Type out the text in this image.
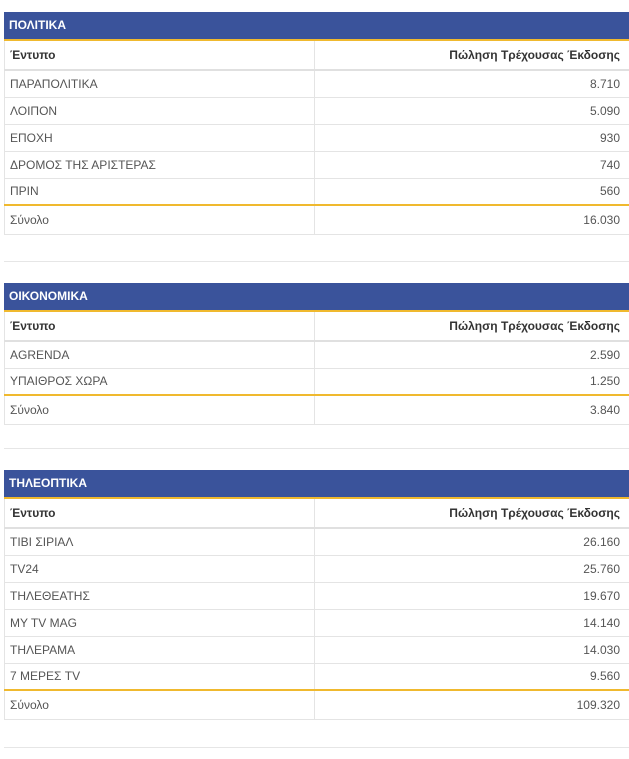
ΠΟΛΙΤΙΚΑ
Έντυπο	Πώληση Τρέχουσας Έκδοσης
ΠΑΡΑΠΟΛΙΤΙΚΑ	8.710
ΛΟΙΠΟΝ	5.090
ΕΠΟΧΗ	930
ΔΡΟΜΟΣ ΤΗΣ ΑΡΙΣΤΕΡΑΣ	740
ΠΡΙΝ	560
Σύνολο	16.030
ΟΙΚΟΝΟΜΙΚΑ
Έντυπο	Πώληση Τρέχουσας Έκδοσης
AGRENDA	2.590
ΥΠΑΙΘΡΟΣ ΧΩΡΑ	1.250
Σύνολο	3.840
ΤΗΛΕΟΠΤΙΚΑ
Έντυπο	Πώληση Τρέχουσας Έκδοσης
ΤΙΒΙ ΣΙΡΙΑΛ	26.160
TV24	25.760
ΤΗΛΕΘΕΑΤΗΣ	19.670
MY TV MAG	14.140
ΤΗΛΕΡΑΜΑ	14.030
7 ΜΕΡΕΣ TV	9.560
Σύνολο	109.320
